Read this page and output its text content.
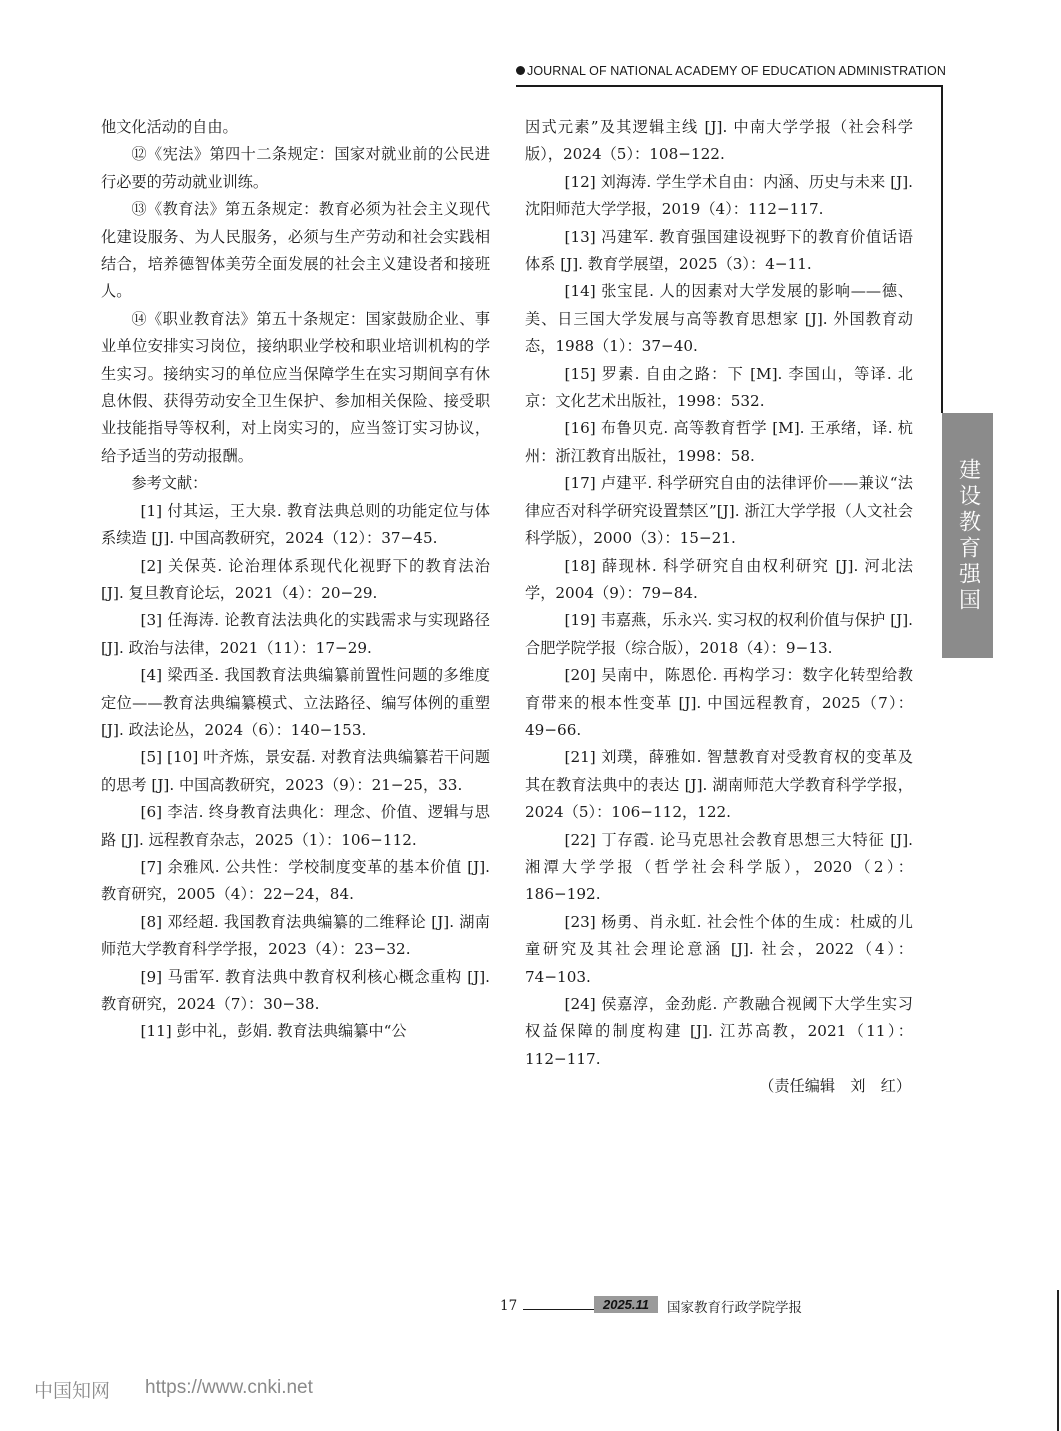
JOURNAL OF NATIONAL ACADEMY OF EDUCATION ADMINISTRATION

他文化活动的自由。

⑫《宪法》第四十二条规定：国家对就业前的公民进行必要的劳动就业训练。

⑬《教育法》第五条规定：教育必须为社会主义现代化建设服务、为人民服务，必须与生产劳动和社会实践相结合，培养德智体美劳全面发展的社会主义建设者和接班人。

⑭《职业教育法》第五十条规定：国家鼓励企业、事业单位安排实习岗位，接纳职业学校和职业培训机构的学生实习。接纳实习的单位应当保障学生在实习期间享有休息休假、获得劳动安全卫生保护、参加相关保险、接受职业技能指导等权利，对上岗实习的，应当签订实习协议，给予适当的劳动报酬。

参考文献：

[1] 付其运，王大泉. 教育法典总则的功能定位与体系续造 [J]. 中国高教研究，2024（12）：37−45.

[2] 关保英. 论治理体系现代化视野下的教育法治 [J]. 复旦教育论坛，2021（4）：20−29.

[3] 任海涛. 论教育法法典化的实践需求与实现路径 [J]. 政治与法律，2021（11）：17−29.

[4] 梁西圣. 我国教育法典编纂前置性问题的多维度定位——教育法典编纂模式、立法路径、编写体例的重塑 [J]. 政法论丛，2024（6）：140−153.

[5] [10] 叶齐炼，景安磊. 对教育法典编纂若干问题的思考 [J]. 中国高教研究，2023（9）：21−25，33.

[6] 李洁. 终身教育法典化：理念、价值、逻辑与思路 [J]. 远程教育杂志，2025（1）：106−112.

[7] 余雅风. 公共性：学校制度变革的基本价值 [J]. 教育研究，2005（4）：22−24，84.

[8] 邓经超. 我国教育法典编纂的二维释论 [J]. 湖南师范大学教育科学学报，2023（4）：23−32.

[9] 马雷军. 教育法典中教育权利核心概念重构 [J]. 教育研究，2024（7）：30−38.

[11] 彭中礼，彭娟. 教育法典编纂中“公

因式元素”及其逻辑主线 [J]. 中南大学学报（社会科学版），2024（5）：108−122.

[12] 刘海涛. 学生学术自由：内涵、历史与未来 [J]. 沈阳师范大学学报，2019（4）：112−117.

[13] 冯建军. 教育强国建设视野下的教育价值话语体系 [J]. 教育学展望，2025（3）：4−11.

[14] 张宝昆. 人的因素对大学发展的影响——德、美、日三国大学发展与高等教育思想家 [J]. 外国教育动态，1988（1）：37−40.

[15] 罗素. 自由之路：下 [M]. 李国山，等译. 北京：文化艺术出版社，1998：532.

[16] 布鲁贝克. 高等教育哲学 [M]. 王承绪，译. 杭州：浙江教育出版社，1998：58.

[17] 卢建平. 科学研究自由的法律评价——兼议“法律应否对科学研究设置禁区”[J]. 浙江大学学报（人文社会科学版），2000（3）：15−21.

[18] 薛现林. 科学研究自由权利研究 [J]. 河北法学，2004（9）：79−84.

[19] 韦嘉燕，乐永兴. 实习权的权利价值与保护 [J]. 合肥学院学报（综合版），2018（4）：9−13.

[20] 吴南中，陈恩伦. 再构学习：数字化转型给教育带来的根本性变革 [J]. 中国远程教育，2025（7）：49−66.

[21] 刘璞，薛雅如. 智慧教育对受教育权的变革及其在教育法典中的表达 [J]. 湖南师范大学教育科学学报，2024（5）：106−112，122.

[22] 丁存霞. 论马克思社会教育思想三大特征 [J]. 湘潭大学学报（哲学社会科学版），2020（2）：186−192.

[23] 杨勇、肖永虹. 社会性个体的生成：杜威的儿童研究及其社会理论意涵 [J]. 社会，2022（4）：74−103.

[24] 侯嘉淳，金劲彪. 产教融合视阈下大学生实习权益保障的制度构建 [J]. 江苏高教，2021（11）：112−117.

（责任编辑　刘　红）

建设教育强国
17	2025.11	国家教育行政学院学报
中国知网 https://www.cnki.net
